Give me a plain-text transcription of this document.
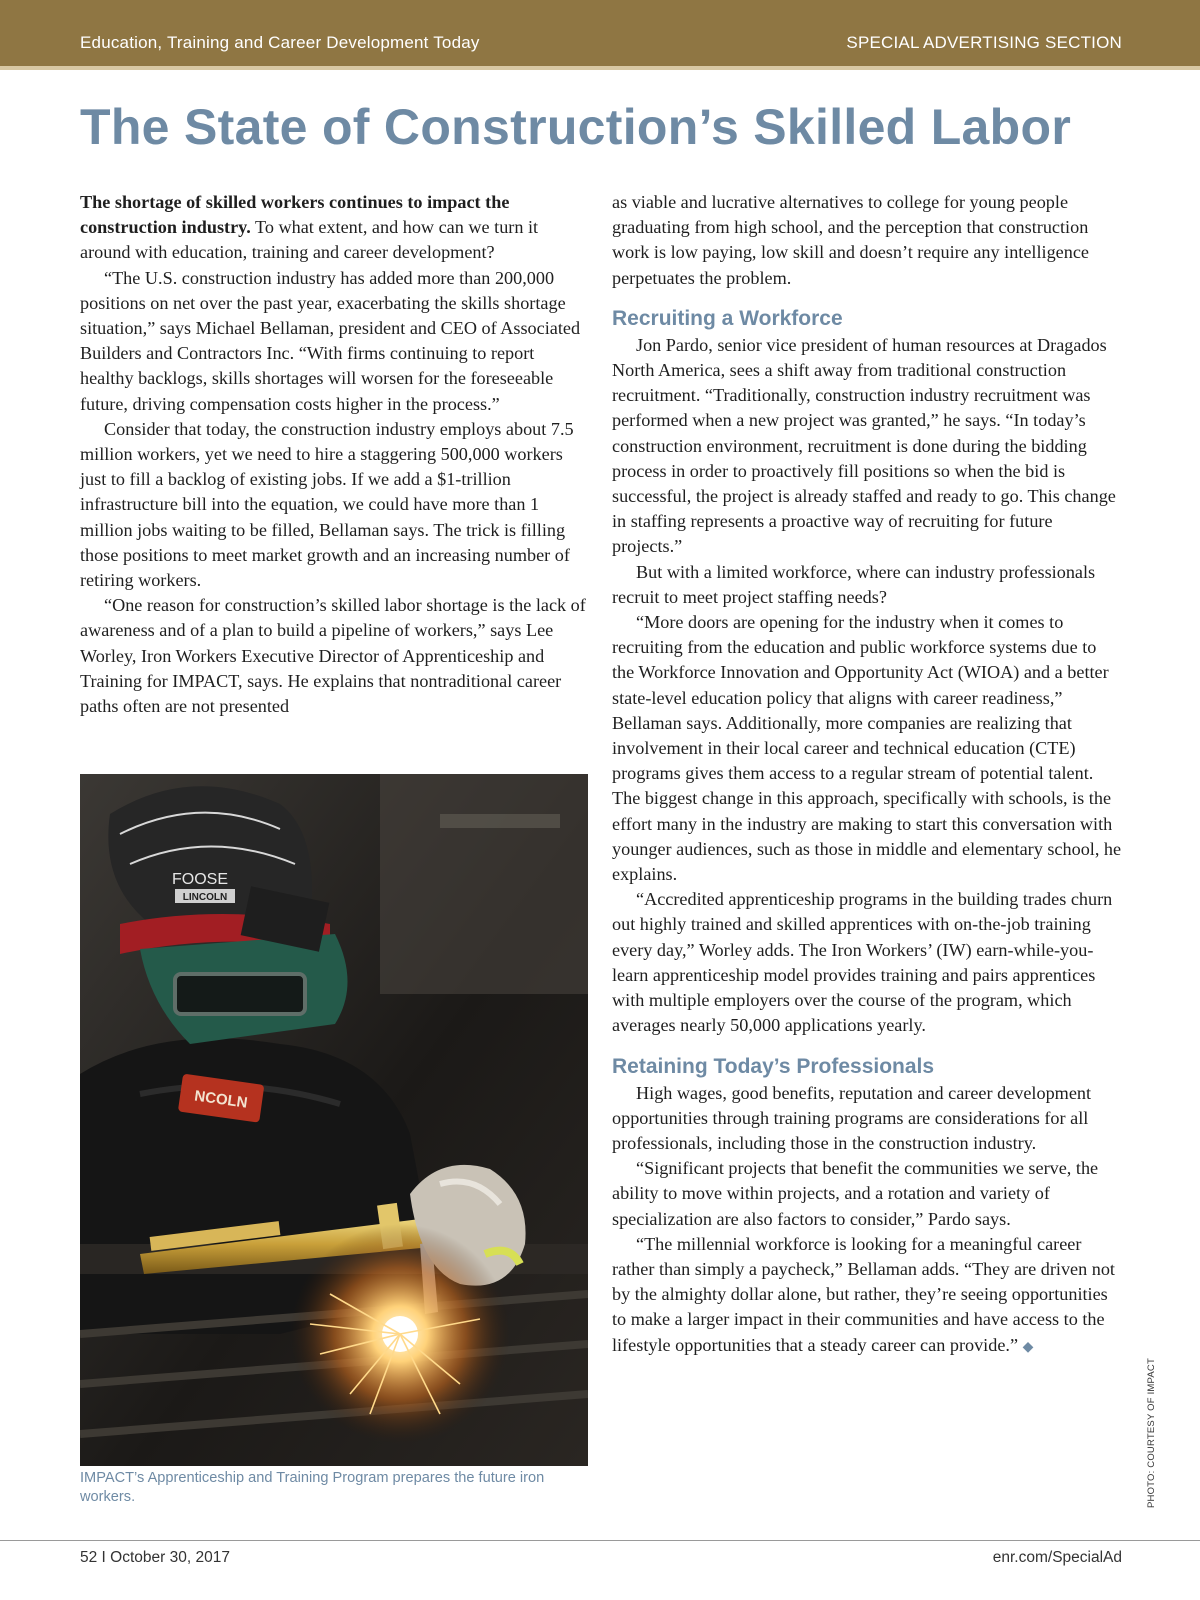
Education, Training and Career Development Today	SPECIAL ADVERTISING SECTION
The State of Construction’s Skilled Labor

The shortage of skilled workers continues to impact the construction industry. To what extent, and how can we turn it around with education, training and career development?

“The U.S. construction industry has added more than 200,000 positions on net over the past year, exacerbating the skills shortage situation,” says Michael Bellaman, president and CEO of Associated Builders and Contractors Inc. “With firms continuing to report healthy backlogs, skills shortages will worsen for the foreseeable future, driving compensation costs higher in the process.”

Consider that today, the construction industry employs about 7.5 million workers, yet we need to hire a staggering 500,000 workers just to fill a backlog of existing jobs. If we add a $1-trillion infrastructure bill into the equation, we could have more than 1 million jobs waiting to be filled, Bellaman says. The trick is filling those positions to meet market growth and an increasing number of retiring workers.

“One reason for construction’s skilled labor shortage is the lack of awareness and of a plan to build a pipeline of workers,” says Lee Worley, Iron Workers Executive Director of Apprenticeship and Training for IMPACT, says. He explains that nontraditional career paths often are not presented

NCOLN
FOOSE
LINCOLN
IMPACT’s Apprenticeship and Training Program prepares the future iron workers.

as viable and lucrative alternatives to college for young people graduating from high school, and the perception that construction work is low paying, low skill and doesn’t require any intelligence perpetuates the problem.

Recruiting a Workforce

Jon Pardo, senior vice president of human resources at Dragados North America, sees a shift away from traditional construction recruitment. “Traditionally, construction industry recruitment was performed when a new project was granted,” he says. “In today’s construction environment, recruitment is done during the bidding process in order to proactively fill positions so when the bid is successful, the project is already staffed and ready to go. This change in staffing represents a proactive way of recruiting for future projects.”

But with a limited workforce, where can industry professionals recruit to meet project staffing needs?

“More doors are opening for the industry when it comes to recruiting from the education and public workforce systems due to the Workforce Innovation and Opportunity Act (WIOA) and a better state-level education policy that aligns with career readiness,” Bellaman says. Additionally, more companies are realizing that involvement in their local career and technical education (CTE) programs gives them access to a regular stream of potential talent. The biggest change in this approach, specifically with schools, is the effort many in the industry are making to start this conversation with younger audiences, such as those in middle and elementary school, he explains.

“Accredited apprenticeship programs in the building trades churn out highly trained and skilled apprentices with on-the-job training every day,” Worley adds. The Iron Workers’ (IW) earn-while-you-learn apprenticeship model provides training and pairs apprentices with multiple employers over the course of the program, which averages nearly 50,000 applications yearly.

Retaining Today’s Professionals

High wages, good benefits, reputation and career development opportunities through training programs are considerations for all professionals, including those in the construction industry.

“Significant projects that benefit the communities we serve, the ability to move within projects, and a rotation and variety of specialization are also factors to consider,” Pardo says.

“The millennial workforce is looking for a meaningful career rather than simply a paycheck,” Bellaman adds. “They are driven not by the almighty dollar alone, but rather, they’re seeing opportunities to make a larger impact in their communities and have access to the lifestyle opportunities that a steady career can provide.” ◆

PHOTO: COURTESY OF IMPACT
52 I October 30, 2017	enr.com/SpecialAd
